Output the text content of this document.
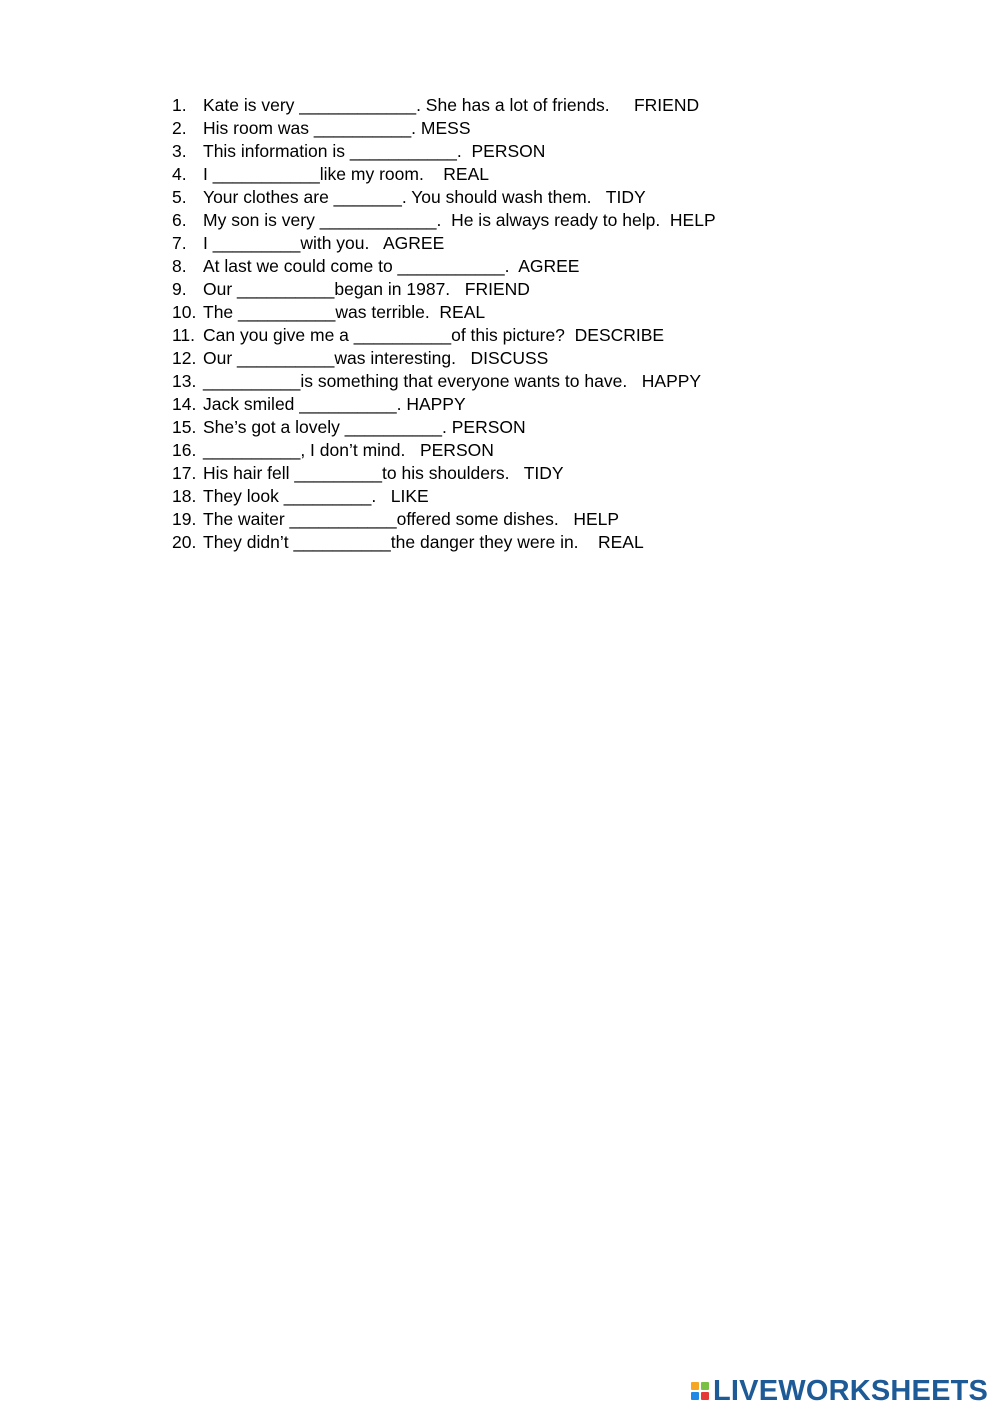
1. Kate is very ____________. She has a lot of friends.     FRIEND
2. His room was __________. MESS
3. This information is ___________.  PERSON
4. I ___________like my room.    REAL
5. Your clothes are _______. You should wash them.   TIDY
6. My son is very ____________.  He is always ready to help.  HELP
7. I _________with you.   AGREE
8. At last we could come to ___________.  AGREE
9. Our __________began in 1987.   FRIEND
10. The __________was terrible.  REAL
11. Can you give me a __________of this picture?  DESCRIBE
12. Our __________was interesting.   DISCUSS
13. __________is something that everyone wants to have.   HAPPY
14. Jack smiled __________. HAPPY
15. She’s got a lovely __________. PERSON
16. __________, I don’t mind.   PERSON
17. His hair fell _________to his shoulders.   TIDY
18. They look _________.   LIKE
19. The waiter ___________offered some dishes.   HELP
20. They didn’t __________the danger they were in.    REAL
LIVEWORKSHEETS
